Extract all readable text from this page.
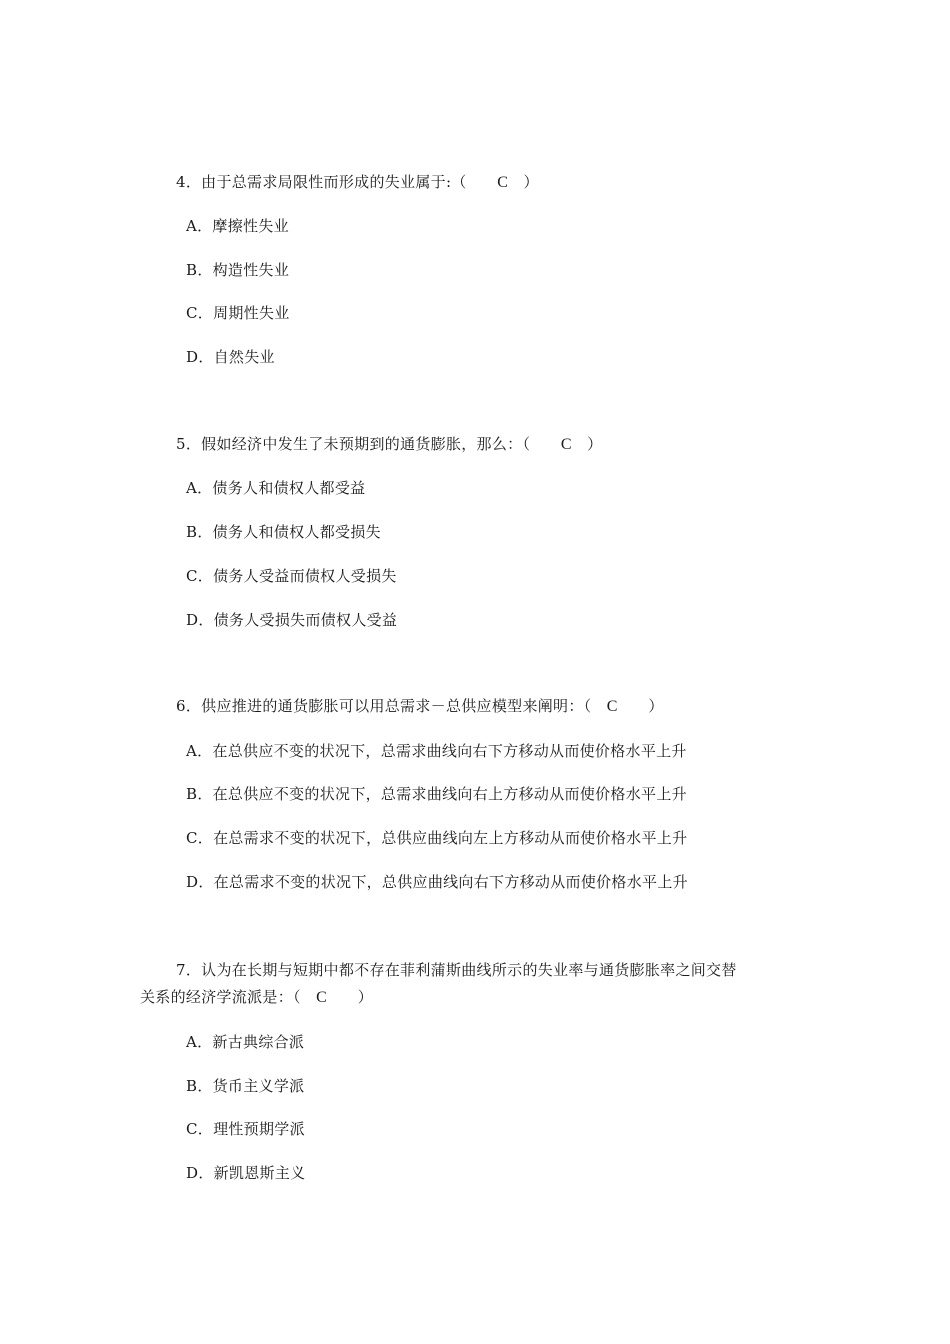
4．由于总需求局限性而形成的失业属于:（　　C　）
A．摩擦性失业
B．构造性失业
C．周期性失业
D．自然失业
5．假如经济中发生了未预期到的通货膨胀，那么：（　　C　）
A．债务人和债权人都受益
B．债务人和债权人都受损失
C．债务人受益而债权人受损失
D．债务人受损失而债权人受益
6．供应推进的通货膨胀可以用总需求－总供应模型来阐明：（　C　　）
A．在总供应不变的状况下，总需求曲线向右下方移动从而使价格水平上升
B．在总供应不变的状况下，总需求曲线向右上方移动从而使价格水平上升
C．在总需求不变的状况下，总供应曲线向左上方移动从而使价格水平上升
D．在总需求不变的状况下，总供应曲线向右下方移动从而使价格水平上升
7．认为在长期与短期中都不存在菲利蒲斯曲线所示的失业率与通货膨胀率之间交替
关系的经济学流派是：（　C　　）
A．新古典综合派
B．货币主义学派
C．理性预期学派
D．新凯恩斯主义
